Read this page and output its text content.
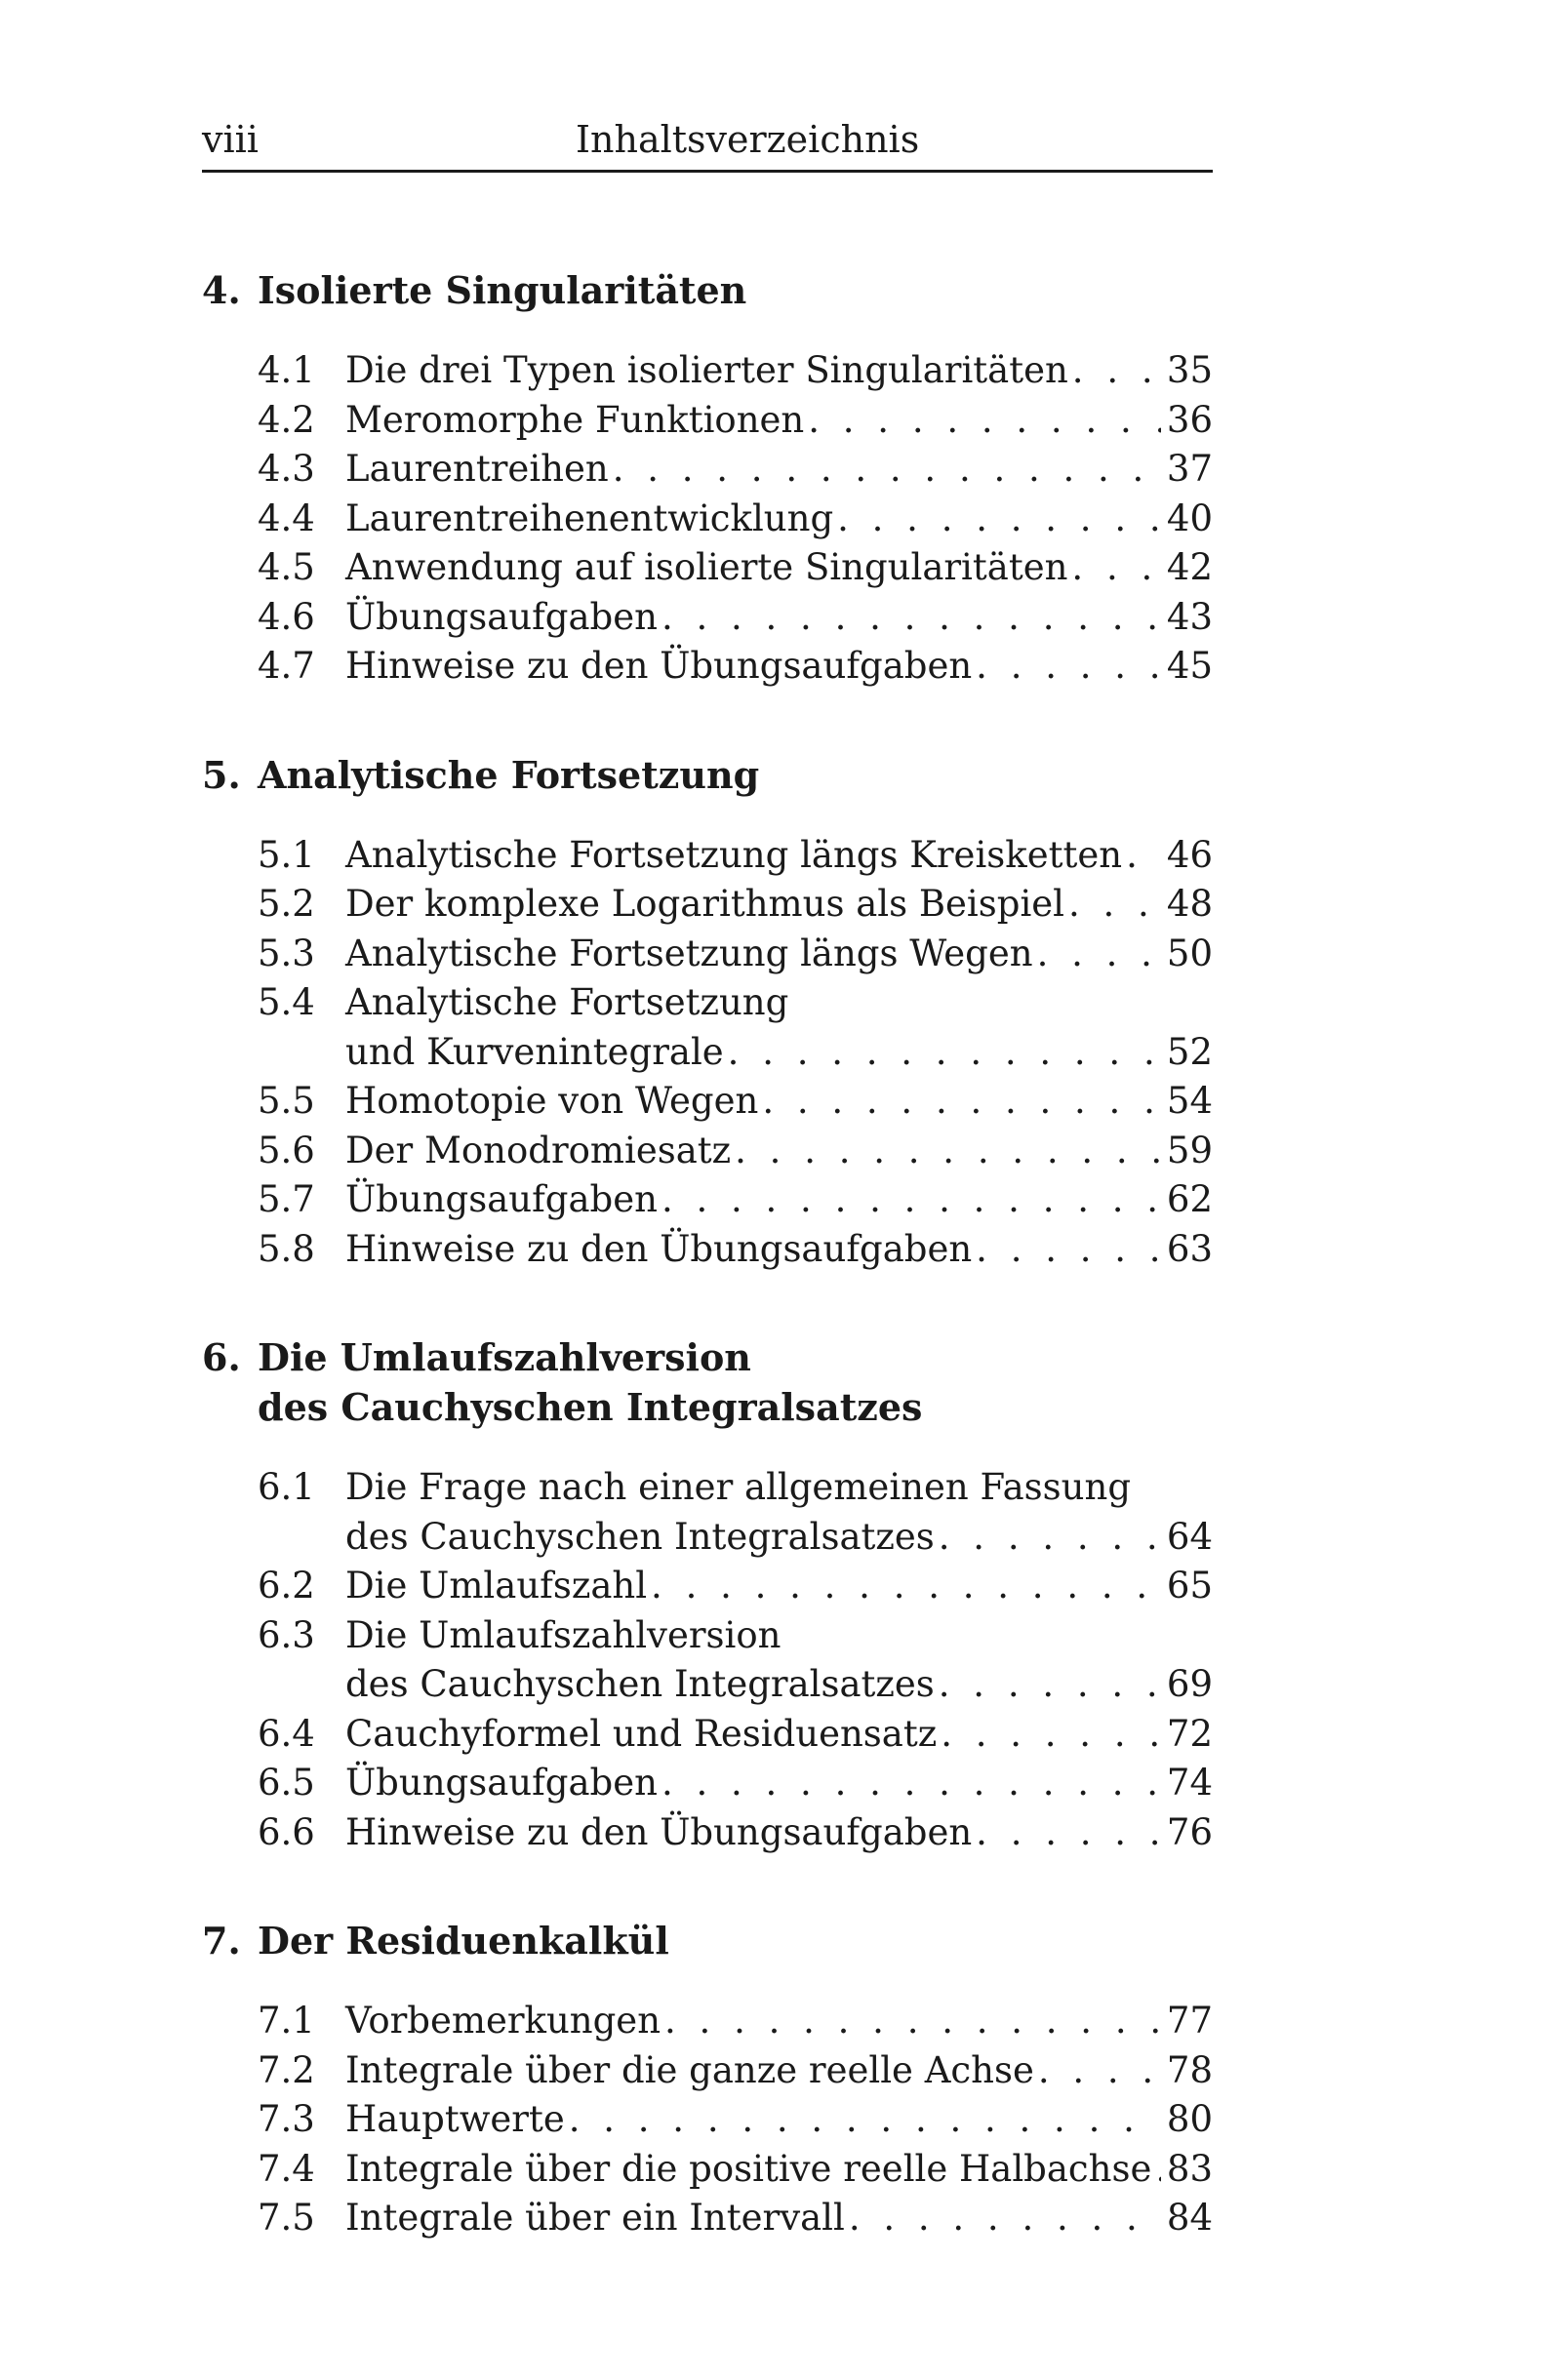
viii	Inhaltsverzeichnis
4. Isolierte Singularitäten
4.1 Die drei Typen isolierter Singularitäten . . .	35
4.2 Meromorphe Funktionen . . .	36
4.3 Laurentreihen . . .	37
4.4 Laurentreihenentwicklung . . .	40
4.5 Anwendung auf isolierte Singularitäten . . .	42
4.6 Übungsaufgaben . . .	43
4.7 Hinweise zu den Übungsaufgaben . . .	45
5. Analytische Fortsetzung
5.1 Analytische Fortsetzung längs Kreisketten . . . 46
5.2 Der komplexe Logarithmus als Beispiel . . .	48
5.3 Analytische Fortsetzung längs Wegen . . .	50
5.4 Analytische Fortsetzung
und Kurvenintegrale . . .	52
5.5 Homotopie von Wegen . . .	54
5.6 Der Monodromiesatz . . .	59
5.7 Übungsaufgaben . . .	62
5.8 Hinweise zu den Übungsaufgaben . . .	63
6. Die Umlaufszahlversion
des Cauchyschen Integralsatzes
6.1 Die Frage nach einer allgemeinen Fassung
des Cauchyschen Integralsatzes . . .	64
6.2 Die Umlaufszahl . . .	65
6.3 Die Umlaufszahlversion
des Cauchyschen Integralsatzes . . .	69
6.4 Cauchyformel und Residuensatz . . .	72
6.5 Übungsaufgaben . . .	74
6.6 Hinweise zu den Übungsaufgaben . . .	76
7. Der Residuenkalkül
7.1 Vorbemerkungen . . .	77
7.2 Integrale über die ganze reelle Achse . . .	78
7.3 Hauptwerte . . .	80
7.4 Integrale über die positive reelle Halbachse . . . 83
7.5 Integrale über ein Intervall . . .	84
